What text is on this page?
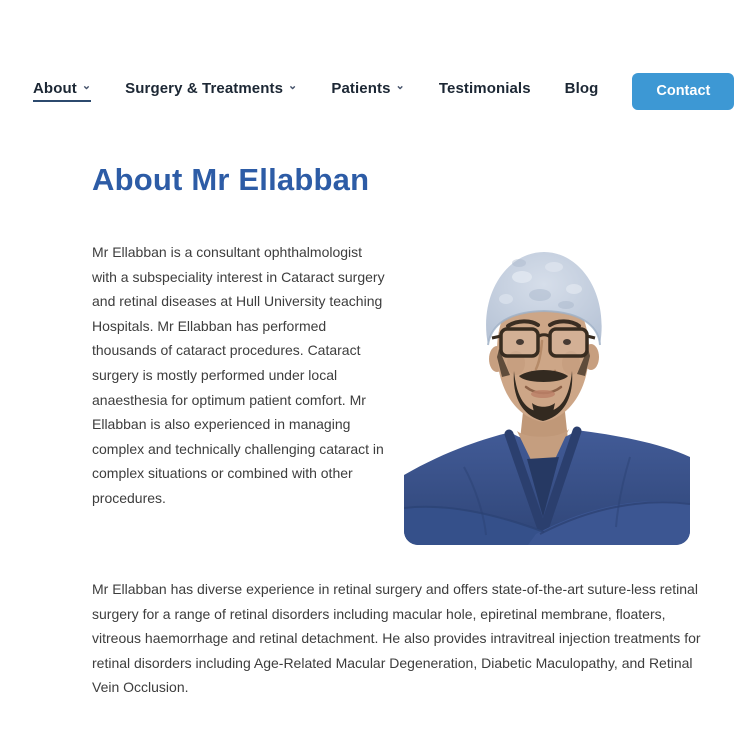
About ⌄ Surgery & Treatments ⌄ Patients ⌄ Testimonials Blog	Contact
About Mr Ellabban

Mr Ellabban is a consultant ophthalmologist with a subspeciality interest in Cataract surgery and retinal diseases at Hull University teaching Hospitals. Mr Ellabban has performed thousands of cataract procedures. Cataract surgery is mostly performed under local anaesthesia for optimum patient comfort. Mr Ellabban is also experienced in managing complex and technically challenging cataract in complex situations or combined with other procedures.

Mr Ellabban has diverse experience in retinal surgery and offers state-of-the-art suture-less retinal surgery for a range of retinal disorders including macular hole, epiretinal membrane, floaters, vitreous haemorrhage and retinal detachment. He also provides intravitreal injection treatments for retinal disorders including Age-Related Macular Degeneration, Diabetic Maculopathy, and Retinal Vein Occlusion.
